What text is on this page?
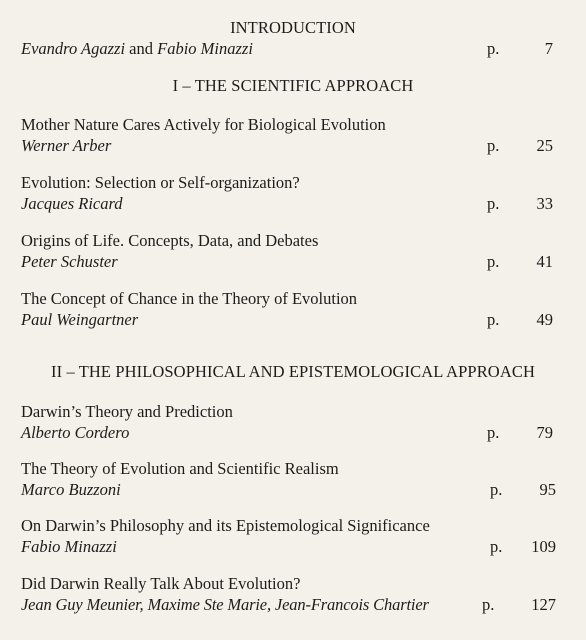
INTRODUCTION
Evandro Agazzi and Fabio Minazzi	p.	7
I – THE SCIENTIFIC APPROACH
Mother Nature Cares Actively for Biological Evolution
Werner Arber	p.	25
Evolution: Selection or Self-organization?
Jacques Ricard	p.	33
Origins of Life. Concepts, Data, and Debates
Peter Schuster	p.	41
The Concept of Chance in the Theory of Evolution
Paul Weingartner	p.	49
II – THE PHILOSOPHICAL AND EPISTEMOLOGICAL APPROACH
Darwin’s Theory and Prediction
Alberto Cordero	p.	79
The Theory of Evolution and Scientific Realism
Marco Buzzoni	p.	95
On Darwin’s Philosophy and its Epistemological Significance
Fabio Minazzi	p.	109
Did Darwin Really Talk About Evolution?
Jean Guy Meunier, Maxime Ste Marie, Jean-Francois Chartier	p.	127
